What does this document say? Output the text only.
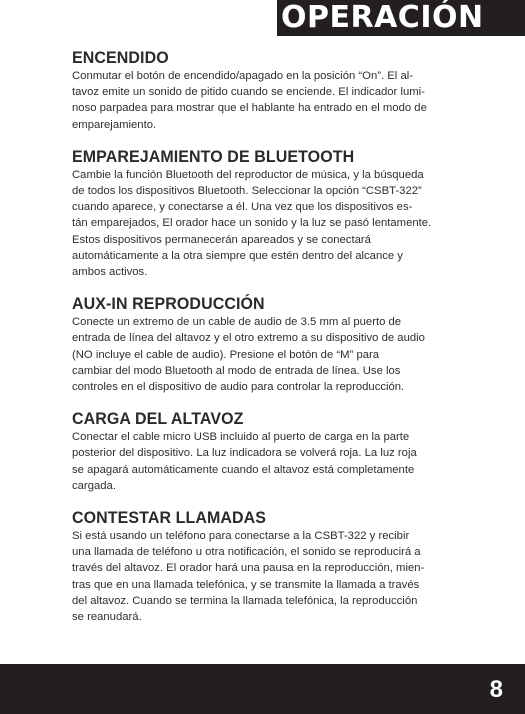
OPERACIÓN
ENCENDIDO
Conmutar el botón de encendido/apagado en la posición “On”. El al-
tavoz emite un sonido de pitido cuando se enciende. El indicador lumi-
noso parpadea para mostrar que el hablante ha entrado en el modo de
emparejamiento.
EMPAREJAMIENTO DE BLUETOOTH
Cambie la función Bluetooth del reproductor de música, y la búsqueda
de todos los dispositivos Bluetooth. Seleccionar la opción “CSBT-322”
cuando aparece, y conectarse a él. Una vez que los dispositivos es-
tán emparejados, El orador hace un sonido y la luz se pasó lentamente.
Estos dispositivos permanecerán apareados y se conectará
automáticamente a la otra siempre que estén dentro del alcance y
ambos activos.
AUX-IN REPRODUCCIÓN
Conecte un extremo de un cable de audio de 3.5 mm al puerto de
entrada de línea del altavoz y el otro extremo a su dispositivo de audio
(NO incluye el cable de audio). Presione el botón de “M” para
cambiar del modo Bluetooth al modo de entrada de línea. Use los
controles en el dispositivo de audio para controlar la reproducción.
CARGA DEL ALTAVOZ
Conectar el cable micro USB incluido al puerto de carga en la parte
posterior del dispositivo. La luz indicadora se volverá roja. La luz roja
se apagará automáticamente cuando el altavoz está completamente
cargada.
CONTESTAR LLAMADAS
Si está usando un teléfono para conectarse a la CSBT-322 y recibir
una llamada de teléfono u otra notificación, el sonido se reproducirá a
través del altavoz. El orador hará una pausa en la reproducción, mien-
tras que en una llamada telefónica, y se transmite la llamada a través
del altavoz. Cuando se termina la llamada telefónica, la reproducción
se reanudará.
8
